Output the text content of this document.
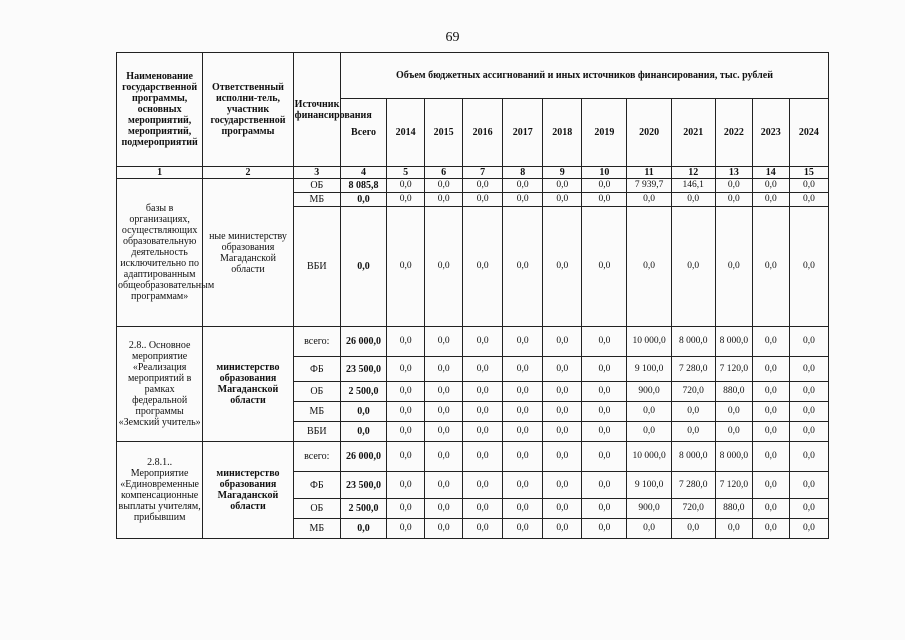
69
Наименование государственной программы, основных мероприятий, мероприятий, подмероприятий	Ответственный исполни-тель, участник государственной программы	Источник финансирования	Объем бюджетных ассигнований и иных источников финансирования, тыс. рублей											
			Всего	2014	2015	2016	2017	2018	2019	2020	2021	2022	2023	2024
1	2	3	4	5	6	7	8	9	10	11	12	13	14	15
базы в организациях, осуществляющих образовательную деятельность исключительно по адаптированным общеобразовательным программам»	ные министерству образования Магаданской области	ОБ	8 085,8	0,0	0,0	0,0	0,0	0,0	0,0	7 939,7	146,1	0,0	0,0	0,0
		МБ	0,0	0,0	0,0	0,0	0,0	0,0	0,0	0,0	0,0	0,0	0,0	0,0
		ВБИ	0,0	0,0	0,0	0,0	0,0	0,0	0,0	0,0	0,0	0,0	0,0	0,0
2.8.. Основное мероприятие «Реализация мероприятий в рамках федеральной программы «Земский учитель»	министерство образования Магаданской области	всего:	26 000,0	0,0	0,0	0,0	0,0	0,0	0,0	10 000,0	8 000,0	8 000,0	0,0	0,0
		ФБ	23 500,0	0,0	0,0	0,0	0,0	0,0	0,0	9 100,0	7 280,0	7 120,0	0,0	0,0
		ОБ	2 500,0	0,0	0,0	0,0	0,0	0,0	0,0	900,0	720,0	880,0	0,0	0,0
		МБ	0,0	0,0	0,0	0,0	0,0	0,0	0,0	0,0	0,0	0,0	0,0	0,0
		ВБИ	0,0	0,0	0,0	0,0	0,0	0,0	0,0	0,0	0,0	0,0	0,0	0,0
2.8.1.. Мероприятие «Единовременные компенсационные выплаты учителям, прибывшим	министерство образования Магаданской области	всего:	26 000,0	0,0	0,0	0,0	0,0	0,0	0,0	10 000,0	8 000,0	8 000,0	0,0	0,0
		ФБ	23 500,0	0,0	0,0	0,0	0,0	0,0	0,0	9 100,0	7 280,0	7 120,0	0,0	0,0
		ОБ	2 500,0	0,0	0,0	0,0	0,0	0,0	0,0	900,0	720,0	880,0	0,0	0,0
		МБ	0,0	0,0	0,0	0,0	0,0	0,0	0,0	0,0	0,0	0,0	0,0	0,0
